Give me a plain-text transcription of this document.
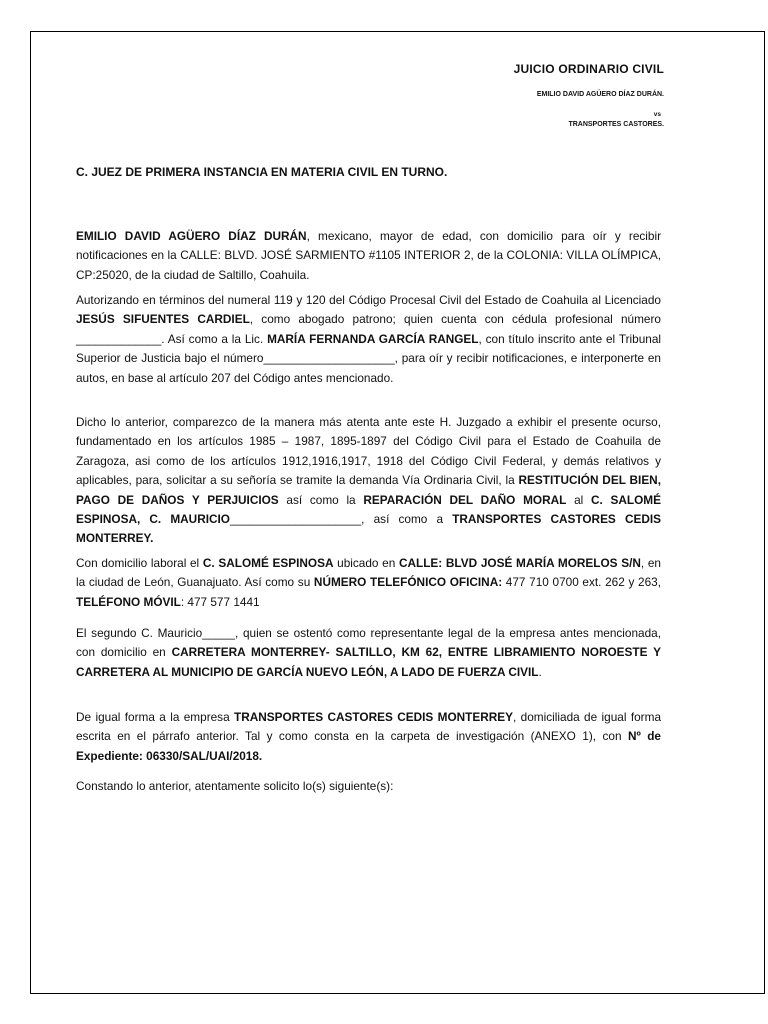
JUICIO ORDINARIO CIVIL
EMILIO DAVID AGÜERO DÍAZ DURÁN.
vs
TRANSPORTES CASTORES.
C. JUEZ DE PRIMERA INSTANCIA EN MATERIA CIVIL EN TURNO.

EMILIO DAVID AGÜERO DÍAZ DURÁN, mexicano, mayor de edad, con domicilio para oír y recibir notificaciones en la CALLE: BLVD. JOSÉ SARMIENTO #1105 INTERIOR 2, de la COLONIA: VILLA OLÍMPICA, CP:25020, de la ciudad de Saltillo, Coahuila.

Autorizando en términos del numeral 119 y 120 del Código Procesal Civil del Estado de Coahuila al Licenciado JESÚS SIFUENTES CARDIEL, como abogado patrono; quien cuenta con cédula profesional número _____________. Así como a la Lic. MARÍA FERNANDA GARCÍA RANGEL, con título inscrito ante el Tribunal Superior de Justicia bajo el número____________________, para oír y recibir notificaciones, e interponerte en autos, en base al artículo 207 del Código antes mencionado.

Dicho lo anterior, comparezco de la manera más atenta ante este H. Juzgado a exhibir el presente ocurso, fundamentado en los artículos 1985 – 1987, 1895-1897 del Código Civil para el Estado de Coahuila de Zaragoza, asi como de los artículos 1912,1916,1917, 1918 del Código Civil Federal, y demás relativos y aplicables, para, solicitar a su señoría se tramite la demanda Vía Ordinaria Civil, la RESTITUCIÓN DEL BIEN, PAGO DE DAÑOS Y PERJUICIOS así como la REPARACIÓN DEL DAÑO MORAL al C. SALOMÉ ESPINOSA, C. MAURICIO____________________, así como a TRANSPORTES CASTORES CEDIS MONTERREY.

Con domicilio laboral el C. SALOMÉ ESPINOSA ubicado en CALLE: BLVD JOSÉ MARÍA MORELOS S/N, en la ciudad de León, Guanajuato. Así como su NÚMERO TELEFÓNICO OFICINA: 477 710 0700 ext. 262 y 263, TELÉFONO MÓVIL: 477 577 1441

El segundo C. Mauricio_____, quien se ostentó como representante legal de la empresa antes mencionada, con domicilio en CARRETERA MONTERREY- SALTILLO, KM 62, ENTRE LIBRAMIENTO NOROESTE Y CARRETERA AL MUNICIPIO DE GARCÍA NUEVO LEÓN, A LADO DE FUERZA CIVIL.

De igual forma a la empresa TRANSPORTES CASTORES CEDIS MONTERREY, domiciliada de igual forma escrita en el párrafo anterior. Tal y como consta en la carpeta de investigación (ANEXO 1), con Nº de Expediente: 06330/SAL/UAI/2018.

Constando lo anterior, atentamente solicito lo(s) siguiente(s):
